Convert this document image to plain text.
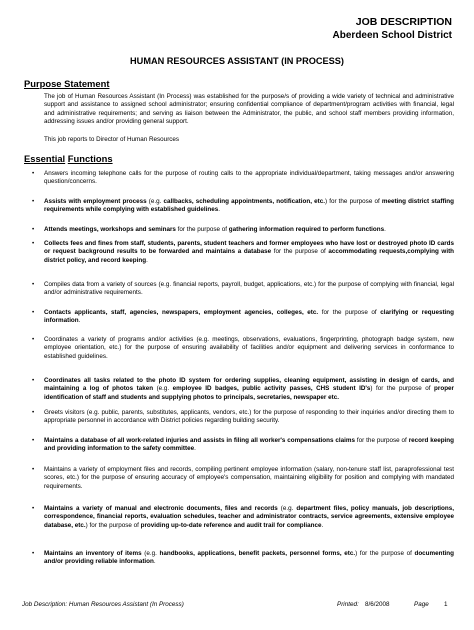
JOB DESCRIPTION
Aberdeen School District
HUMAN RESOURCES ASSISTANT (IN PROCESS)
Purpose Statement
The job of Human Resources Assistant (In Process) was established for the purpose/s of providing a wide variety of technical and administrative support and assistance to assigned school administrator; ensuring confidential compliance of department/program activities with financial, legal and administrative requirements; and serving as liaison between the Administrator, the public, and school staff members providing information, addressing issues and/or providing general support.
This job reports to Director of Human Resources
Essential Functions
•	Answers incoming telephone calls for the purpose of routing calls to the appropriate individual/department, taking messages and/or answering question/concerns.
•	Assists with employment process (e.g. callbacks, scheduling appointments, notification, etc.) for the purpose of meeting district staffing requirements while complying with established guidelines.
•	Attends meetings, workshops and seminars for the purpose of gathering information required to perform functions.
•	Collects fees and fines from staff, students, parents, student teachers and former employees who have lost or destroyed photo ID cards or request background results to be forwarded and maintains a database for the purpose of accommodating requests,complying with district policy, and record keeping.
•	Compiles data from a variety of sources (e.g. financial reports, payroll, budget, applications, etc.) for the purpose of complying with financial, legal and/or administrative requirements.
•	Contacts applicants, staff, agencies, newspapers, employment agencies, colleges, etc. for the purpose of clarifying or requesting information.
•	Coordinates a variety of programs and/or activities (e.g. meetings, observations, evaluations, fingerprinting, photograph badge system, new employee orientation, etc.) for the purpose of ensuring availability of facilities and/or equipment and delivering services in conformance to established guidelines.
•	Coordinates all tasks related to the photo ID system for ordering supplies, cleaning equipment, assisting in design of cards, and maintaining a log of photos taken (e.g. employee ID badges, public activity passes, CHS student ID's) for the purpose of proper identification of staff and students and supplying photos to principals, secretaries, newspaper etc.
•	Greets visitors (e.g. public, parents, substitutes, applicants, vendors, etc.) for the purpose of responding to their inquiries and/or directing them to appropriate personnel in accordance with District policies regarding building security.
•	Maintains a database of all work-related injuries and assists in filing all worker's compensations claims for the purpose of record keeping and providing information to the safety committee.
•	Maintains a variety of employment files and records, compiling pertinent employee information (salary, non-tenure staff list, paraprofessional test scores, etc.) for the purpose of ensuring accuracy of employee's compensation, maintaining eligibility for position and complying with mandated requirements.
•	Maintains a variety of manual and electronic documents, files and records (e.g. department files, policy manuals, job descriptions, correspondence, financial reports, evaluation schedules, teacher and administrator contracts, service agreements, extensive employee database, etc.) for the purpose of providing up-to-date reference and audit trail for compliance.
•	Maintains an inventory of items (e.g. handbooks, applications, benefit packets, personnel forms, etc.) for the purpose of documenting and/or providing reliable information.
Job Description: Human Resources Assistant (In Process)	Printed: 8/6/2008	Page 1
